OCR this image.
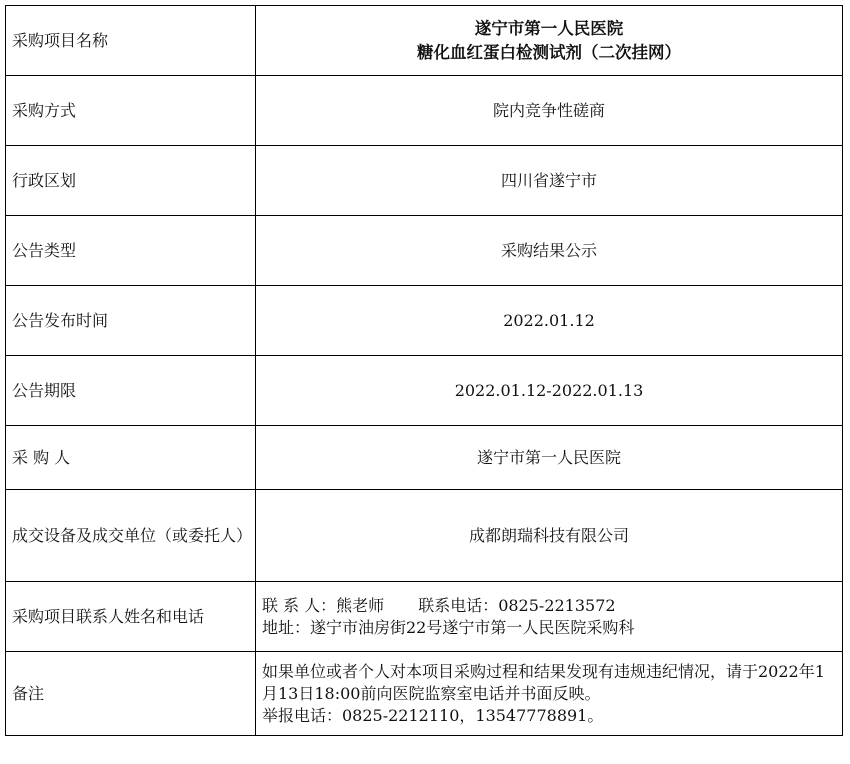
采购项目名称	遂宁市第一人民医院
糖化血红蛋白检测试剂（二次挂网）

采购方式	院内竞争性磋商
行政区划	四川省遂宁市
公告类型	采购结果公示
公告发布时间	2022.01.12
公告期限	2022.01.12-2022.01.13
采 购 人	遂宁市第一人民医院
成交设备及成交单位（或委托人）	成都朗瑞科技有限公司
采购项目联系人姓名和电话	联 系 人：熊老师 联系电话：0825-2213572
地址：遂宁市油房街22号遂宁市第一人民医院采购科

备注	如果单位或者个人对本项目采购过程和结果发现有违规违纪情况，请于2022年1月13日18:00前向医院监察室电话并书面反映。
举报电话：0825-2212110，13547778891。
